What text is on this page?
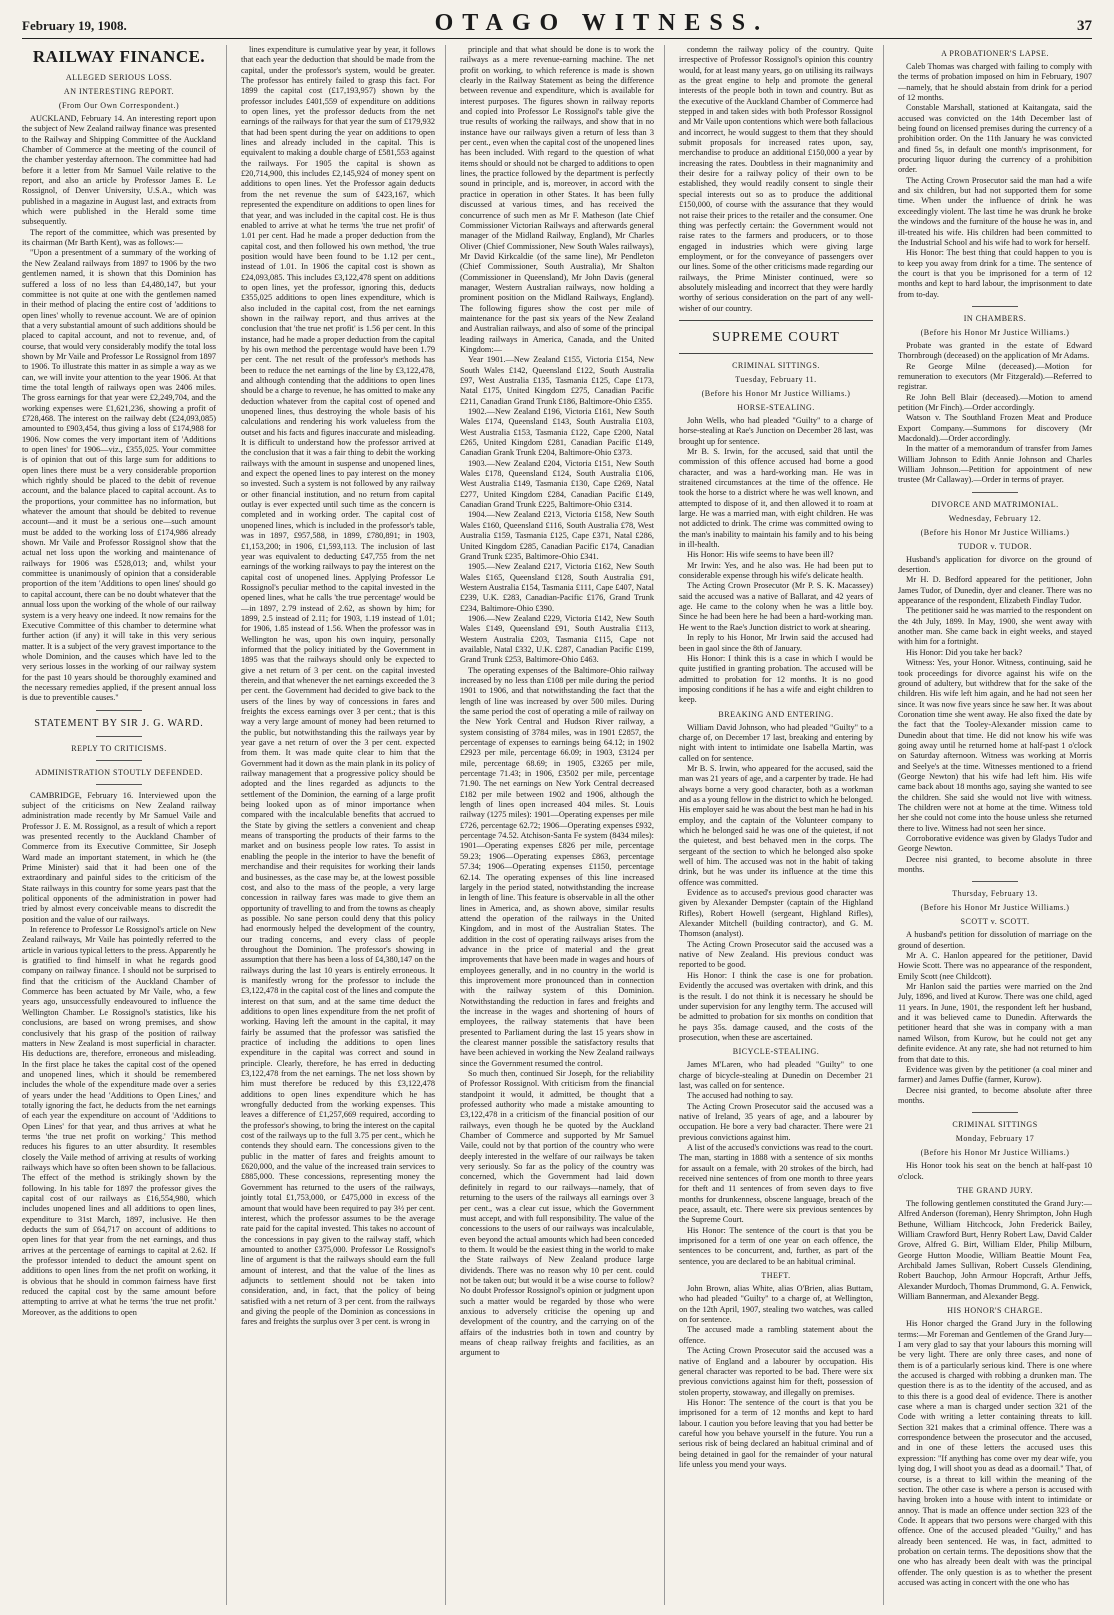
February 19, 1908.	OTAGO WITNESS.	37
RAILWAY FINANCE.
ALLEGED SERIOUS LOSS.
AN INTERESTING REPORT.
(From Our Own Correspondent.)

AUCKLAND, February 14. An interesting report upon the subject of New Zealand railway finance was presented to the Railway and Shipping Committee of the Auckland Chamber of Commerce at the meeting of the council of the chamber yesterday afternoon. The committee had had before it a letter from Mr Samuel Vaile relative to the report, and also an article by Professor James E. Le Rossignol, of Denver University, U.S.A., which was published in a magazine in August last, and extracts from which were published in the Herald some time subsequently.

The report of the committee, which was presented by its chairman (Mr Barth Kent), was as follows:—

"Upon a presentment of a summary of the working of the New Zealand railways from 1897 to 1906 by the two gentlemen named, it is shown that this Dominion has suffered a loss of no less than £4,480,147, but your committee is not quite at one with the gentlemen named in their method of placing the entire cost of 'additions to open lines' wholly to revenue account. We are of opinion that a very substantial amount of such additions should be placed to capital account, and not to revenue, and, of course, that would very considerably modify the total loss shown by Mr Vaile and Professor Le Rossignol from 1897 to 1906. To illustrate this matter in as simple a way as we can, we will invite your attention to the year 1906. At that time the total length of railways open was 2406 miles. The gross earnings for that year were £2,249,704, and the working expenses were £1,621,236, showing a profit of £728,468. The interest on the railway debt (£24,093,085) amounted to £903,454, thus giving a loss of £174,988 for 1906. Now comes the very important item of 'Additions to open lines' for 1906—viz., £355,025. Your committee is of opinion that out of this large sum for additions to open lines there must be a very considerable proportion which rightly should be placed to the debit of revenue account, and the balance placed to capital account. As to the proportions, your committee has no information, but whatever the amount that should be debited to revenue account—and it must be a serious one—such amount must be added to the working loss of £174,986 already shown. Mr Vaile and Professor Rossignol show that the actual net loss upon the working and maintenance of railways for 1906 was £528,013; and, whilst your committee is unanimously of opinion that a considerable proportion of the item 'Additions to open lines' should go to capital account, there can be no doubt whatever that the annual loss upon the working of the whole of our railway system is a very heavy one indeed. It now remains for the Executive Committee of this chamber to determine what further action (if any) it will take in this very serious matter. It is a subject of the very gravest importance to the whole Dominion, and the causes which have led to the very serious losses in the working of our railway system for the past 10 years should be thoroughly examined and the necessary remedies applied, if the present annual loss is due to preventible causes."

STATEMENT BY SIR J. G. WARD.
REPLY TO CRITICISMS.
ADMINISTRATION STOUTLY DEFENDED.

CAMBRIDGE, February 16. Interviewed upon the subject of the criticisms on New Zealand railway administration made recently by Mr Samuel Vaile and Professor J. E. M. Rossignol, as a result of which a report was presented recently to the Auckland Chamber of Commerce from its Executive Committee, Sir Joseph Ward made an important statement, in which he (the Prime Minister) said that it had been one of the extraordinary and painful sides to the criticism of the State railways in this country for some years past that the political opponents of the administration in power had tried by almost every conceivable means to discredit the position and the value of our railways.

In reference to Professor Le Rossignol's article on New Zealand railways, Mr Vaile has pointedly referred to the article in various typical letters to the press. Apparently he is gratified to find himself in what he regards good company on railway finance. I should not be surprised to find that the criticism of the Auckland Chamber of Commerce has been actuated by Mr Vaile, who, a few years ago, unsuccessfully endeavoured to influence the Wellington Chamber. Le Rossignol's statistics, like his conclusions, are based on wrong premises, and show conclusively that his grasp of the position of railway matters in New Zealand is most superficial in character. His deductions are, therefore, erroneous and misleading. In the first place he takes the capital cost of the opened and unopened lines, which it should be remembered includes the whole of the expenditure made over a series of years under the head 'Additions to Open Lines,' and totally ignoring the fact, he deducts from the net earnings of each year the expenditure on account of 'Additions to Open Lines' for that year, and thus arrives at what he terms 'the true net profit on working.' This method reduces his figures to an utter absurdity. It resembles closely the Vaile method of arriving at results of working railways which have so often been shown to be fallacious. The effect of the method is strikingly shown by the following. In his table for 1897 the professor gives the capital cost of our railways as £16,554,980, which includes unopened lines and all additions to open lines, expenditure to 31st March, 1897, inclusive. He then deducts the sum of £64,717 on account of additions to open lines for that year from the net earnings, and thus arrives at the percentage of earnings to capital at 2.62. If the professor intended to deduct the amount spent on additions to open lines from the net profit on working, it is obvious that he should in common fairness have first reduced the capital cost by the same amount before attempting to arrive at what he terms 'the true net profit.' Moreover, as the additions to open

lines expenditure is cumulative year by year, it follows that each year the deduction that should be made from the capital, under the professor's system, would be greater. The professor has entirely failed to grasp this fact. For 1899 the capital cost (£17,193,957) shown by the professor includes £401,559 of expenditure on additions to open lines, yet the professor deducts from the net earnings of the railways for that year the sum of £179,932 that had been spent during the year on additions to open lines and already included in the capital. This is equivalent to making a double charge of £581,553 against the railways. For 1905 the capital is shown as £20,714,900, this includes £2,145,924 of money spent on additions to open lines. Yet the Professor again deducts from the net revenue the sum of £423,167, which represented the expenditure on additions to open lines for that year, and was included in the capital cost. He is thus enabled to arrive at what he terms 'the true net profit' of 1.01 per cent. Had he made a proper deduction from the capital cost, and then followed his own method, 'the true position would have been found to be 1.12 per cent., instead of 1.01. In 1906 the capital cost is shown as £24,093,085. This includes £3,122,478 spent on additions to open lines, yet the professor, ignoring this, deducts £355,025 additions to open lines expenditure, which is also included in the capital cost, from the net earnings shown in the railway report, and thus arrives at the conclusion that 'the true net profit' is 1.56 per cent. In this instance, had he made a proper deduction from the capital by his own method the percentage would have been 1.79 per cent. The net result of the professor's methods has been to reduce the net earnings of the line by £3,122,478, and although contending that the additions to open lines should be a charge to revenue, he has omitted to make any deduction whatever from the capital cost of opened and unopened lines, thus destroying the whole basis of his calculations and rendering his work valueless from the outset and his facts and figures inaccurate and misleading. It is difficult to understand how the professor arrived at the conclusion that it was a fair thing to debit the working railways with the amount in suspense and unopened lines, and expect the opened lines to pay interest on the money so invested. Such a system is not followed by any railway or other financial institution, and no return from capital outlay is ever expected until such time as the concern is completed and in working order. The capital cost of unopened lines, which is included in the professor's table, was in 1897, £957,588, in 1899, £780,891; in 1903, £1,153,200; in 1906, £1,593,113. The inclusion of last year was equivalent to deducting £47,755 from the net earnings of the working railways to pay the interest on the capital cost of unopened lines. Applying Professor Le Rossignol's peculiar method to the capital invested in the opened lines, what he calls 'the true percentage' would be—in 1897, 2.79 instead of 2.62, as shown by him; for 1899, 2.5 instead of 2.11; for 1903, 1.19 instead of 1.01; for 1906, 1.85 instead of 1.56. When the professor was in Wellington he was, upon his own inquiry, personally informed that the policy initiated by the Government in 1895 was that the railways should only be expected to give a net return of 3 per cent. on the capital invested therein, and that whenever the net earnings exceeded the 3 per cent. the Government had decided to give back to the users of the lines by way of concessions in fares and freights the excess earnings over 3 per cent.; that is this way a very large amount of money had been returned to the public, but notwithstanding this the railways year by year gave a net return of over the 3 per cent. expected from them. It was made quite clear to him that the Government had it down as the main plank in its policy of railway management that a progressive policy should be adopted and the lines regarded as adjuncts to the settlement of the Dominion, the earning of a large profit being looked upon as of minor importance when compared with the incalculable benefits that accrued to the State by giving the settlers a convenient and cheap means of transporting the products of their farms to the market and on business people low rates. To assist in enabling the people in the interior to have the benefit of merchandise and their requisites for working their lands and businesses, as the case may be, at the lowest possible cost, and also to the mass of the people, a very large concession in railway fares was made to give them an opportunity of travelling to and from the towns as cheaply as possible. No sane person could deny that this policy had enormously helped the development of the country, our trading concerns, and every class of people throughout the Dominion. The professor's showing in assumption that there has been a loss of £4,380,147 on the railways during the last 10 years is entirely erroneous. It is manifestly wrong for the professor to include the £3,122,478 in the capital cost of the lines and compute the interest on that sum, and at the same time deduct the additions to open lines expenditure from the net profit of working. Having left the amount in the capital, it may fairly be assumed that the professor was satisfied the practice of including the additions to open lines expenditure in the capital was correct and sound in principle. Clearly, therefore, he has erred in deducting £3,122,478 from the net earnings. The net loss shown by him must therefore be reduced by this £3,122,478 additions to open lines expenditure which he has wrongfully deducted from the working expenses. This leaves a difference of £1,257,669 required, according to the professor's showing, to bring the interest on the capital cost of the railways up to the full 3.75 per cent., which he contends they should earn. The concessions given to the public in the matter of fares and freights amount to £620,000, and the value of the increased train services to £885,000. These concessions, representing money the Government has returned to the users of the railways, jointly total £1,753,000, or £475,000 in excess of the amount that would have been required to pay 3½ per cent. interest, which the professor assumes to be the average rate paid for the capital invested. This takes no account of the concessions in pay given to the railway staff, which amounted to another £375,000. Professor Le Rossignol's line of argument is that the railways should earn the full amount of interest, and that the value of the lines as adjuncts to settlement should not be taken into consideration, and, in fact, that the policy of being satisfied with a net return of 3 per cent. from the railways and giving the people of the Dominion as concessions in fares and freights the surplus over 3 per cent. is wrong in

principle and that what should be done is to work the railways as a mere revenue-earning machine. The net profit on working, to which reference is made is shown clearly in the Railway Statement as being the difference between revenue and expenditure, which is available for interest purposes. The figures shown in railway reports and copied into Professor Le Rossignol's table give the true results of working the railways, and show that in no instance have our railways given a return of less than 3 per cent., even when the capital cost of the unopened lines has been included. With regard to the question of what items should or should not be charged to additions to open lines, the practice followed by the department is perfectly sound in principle, and is, moreover, in accord with the practice in operation in other States. It has been fully discussed at various times, and has received the concurrence of such men as Mr F. Matheson (late Chief Commissioner Victorian Railways and afterwards general manager of the Midland Railway, England), Mr Charles Oliver (Chief Commissioner, New South Wales railways), Mr David Kirkcaldie (of the same line), Mr Pendleton (Chief Commissioner, South Australia), Mr Shalton (Commissioner in Queensland), Mr John Davis (general manager, Western Australian railways, now holding a prominent position on the Midland Railways, England). The following figures show the cost per mile of maintenance for the past six years of the New Zealand and Australian railways, and also of some of the principal leading railways in America, Canada, and the United Kingdom:—

Year 1901.—New Zealand £155, Victoria £154, New South Wales £142, Queensland £122, South Australia £97, West Australia £135, Tasmania £125, Cape £173, Natal £175, United Kingdom £275, Canadian Pacific £211, Canadian Grand Trunk £186, Baltimore-Ohio £355.

1902.—New Zealand £196, Victoria £161, New South Wales £174, Queensland £143, South Australia £103, West Australia £153, Tasmania £122, Cape £200, Natal £265, United Kingdom £281, Canadian Pacific £149, Canadian Grank Trunk £204, Baltimore-Ohio £373.

1903.—New Zealand £204, Victoria £151, New South Wales £178, Queensland £124, South Australia £106, West Australia £149, Tasmania £130, Cape £269, Natal £277, United Kingdom £284, Canadian Pacific £149, Canadian Grand Trunk £225, Baltimore-Ohio £314.

1904.—New Zealand £213, Victoria £158, New South Wales £160, Queensland £116, South Australia £78, West Australia £159, Tasmania £125, Cape £371, Natal £286, United Kingdom £285, Canadian Pacific £174, Canadian Grand Trunk £235, Baltimore-Ohio £341.

1905.—New Zealand £217, Victoria £162, New South Wales £165, Queensland £128, South Australia £91, Western Australia £154, Tasmania £111, Cape £407, Natal £239, U.K. £283, Canadian-Pacific £176, Grand Trunk £234, Baltimore-Ohio £390.

1906.—New Zealand £229, Victoria £142, New South Wales £149, Queensland £91, South Australia £113, Western Australia £203, Tasmania £115, Cape not available, Natal £332, U.K. £287, Canadian Pacific £199, Grand Trunk £253, Baltimore-Ohio £463.

The operating expenses of the Baltimore-Ohio railway increased by no less than £108 per mile during the period 1901 to 1906, and that notwithstanding the fact that the length of line was increased by over 500 miles. During the same period the cost of operating a mile of railway on the New York Central and Hudson River railway, a system consisting of 3784 miles, was in 1901 £2857, the percentage of expenses to earnings being 64.12; in 1902 £2923 per mile, percentage 66.09; in 1903, £3124 per mile, percentage 68.69; in 1905, £3265 per mile, percentage 71.43; in 1906, £3502 per mile, percentage 71.90. The net earnings on New York Central decreased £182 per mile between 1902 and 1906, although the length of lines open increased 404 miles. St. Louis railway (1275 miles): 1901—Operating expenses per mile £726, percentage 62.72; 1906—Operating expenses £932, percentage 74.52. Atchison-Santa Fe system (8434 miles): 1901—Operating expenses £826 per mile, percentage 59.23; 1906—Operating expenses £863, percentage 57.34; 1906—Operating expenses £1150, percentage 62.14. The operating expenses of this line increased largely in the period stated, notwithstanding the increase in length of line. This feature is observable in all the other lines in America, and, as shown above, similar results attend the operation of the railways in the United Kingdom, and in most of the Australian States. The addition in the cost of operating railways arises from the advance in the price of material and the great improvements that have been made in wages and hours of employees generally, and in no country in the world is this improvement more pronounced than in connection with the railway system of this Dominion. Notwithstanding the reduction in fares and freights and the increase in the wages and shortening of hours of employees, the railway statements that have been presented to Parliament during the last 15 years show in the clearest manner possible the satisfactory results that have been achieved in working the New Zealand railways since the Government resumed the control.

So much then, continued Sir Joseph, for the reliability of Professor Rossignol. With criticism from the financial standpoint it would, it admitted, be thought that a professed authority who made a mistake amounting to £3,122,478 in a criticism of the financial position of our railways, even though he be quoted by the Auckland Chamber of Commerce and supported by Mr Samuel Vaile, could not by that portion of the country who were deeply interested in the welfare of our railways be taken very seriously. So far as the policy of the country was concerned, which the Government had laid down definitely in regard to our railways—namely, that of returning to the users of the railways all earnings over 3 per cent., was a clear cut issue, which the Government must accept, and with full responsibility. The value of the concessions to the users of our railways was incalculable, even beyond the actual amounts which had been conceded to them. It would be the easiest thing in the world to make the State railways of New Zealand produce large dividends. There was no reason why 10 per cent. could not be taken out; but would it be a wise course to follow? No doubt Professor Rossignol's opinion or judgment upon such a matter would be regarded by those who were anxious to adversely criticise the opening up and development of the country, and the carrying on of the affairs of the industries both in town and country by means of cheap railway freights and facilities, as an argument to

condemn the railway policy of the country. Quite irrespective of Professor Rossignol's opinion this country would, for at least many years, go on utilising its railways as the great engine to help and promote the general interests of the people both in town and country. But as the executive of the Auckland Chamber of Commerce had stepped in and taken sides with both Professor Rossignol and Mr Vaile upon contentions which were both fallacious and incorrect, he would suggest to them that they should submit proposals for increased rates upon, say, merchandise to produce an additional £150,000 a year by increasing the rates. Doubtless in their magnanimity and their desire for a railway policy of their own to be established, they would readily consent to single their special interests out so as to produce the additional £150,000, of course with the assurance that they would not raise their prices to the retailer and the consumer. One thing was perfectly certain: the Government would not raise rates to the farmers and producers, or to those engaged in industries which were giving large employment, or for the conveyance of passengers over our lines. Some of the other criticisms made regarding our railways, the Prime Minister continued, were so absolutely misleading and incorrect that they were hardly worthy of serious consideration on the part of any well-wisher of our country.

SUPREME COURT
CRIMINAL SITTINGS.
Tuesday, February 11.
(Before his Honor Mr Justice Williams.)
HORSE-STEALING.

John Wells, who had pleaded "Guilty" to a charge of horse-stealing at Rae's Junction on December 28 last, was brought up for sentence.

Mr B. S. Irwin, for the accused, said that until the commission of this offence accused had borne a good character, and was a hard-working man. He was in straitened circumstances at the time of the offence. He took the horse to a district where he was well known, and attempted to dispose of it, and then allowed it to roam at large. He was a married man, with eight children. He was not addicted to drink. The crime was committed owing to the man's inability to maintain his family and to his being in ill-health.

His Honor: His wife seems to have been ill?

Mr Irwin: Yes, and he also was. He had been put to considerable expense through his wife's delicate health.

The Acting Crown Prosecutor (Mr P. S. K. Macassey) said the accused was a native of Ballarat, and 42 years of age. He came to the colony when he was a little boy. Since he had been here he had been a hard-working man. He went to the Rae's Junction district to work at shearing.

In reply to his Honor, Mr Irwin said the accused had been in gaol since the 8th of January.

His Honor: I think this is a case in which I would be quite justified in granting probation. The accused will be admitted to probation for 12 months. It is no good imposing conditions if he has a wife and eight children to keep.

BREAKING AND ENTERING.

William David Johnson, who had pleaded "Guilty" to a charge of, on December 17 last, breaking and entering by night with intent to intimidate one Isabella Martin, was called on for sentence.

Mr B. S. Irwin, who appeared for the accused, said the man was 21 years of age, and a carpenter by trade. He had always borne a very good character, both as a workman and as a young fellow in the district to which he belonged. His employer said he was about the best man he had in his employ, and the captain of the Volunteer company to which he belonged said he was one of the quietest, if not the quietest, and best behaved men in the corps. The sergeant of the section to which he belonged also spoke well of him. The accused was not in the habit of taking drink, but he was under its influence at the time this offence was committed.

Evidence as to accused's previous good character was given by Alexander Dempster (captain of the Highland Rifles), Robert Howell (sergeant, Highland Rifles), Alexander Mitchell (building contractor), and G. M. Thomson (analyst).

The Acting Crown Prosecutor said the accused was a native of New Zealand. His previous conduct was reported to be good.

His Honor: I think the case is one for probation. Evidently the accused was overtaken with drink, and this is the result. I do not think it is necessary he should be under supervision for any lengthy term. The accused will be admitted to probation for six months on condition that he pays 35s. damage caused, and the costs of the prosecution, when these are ascertained.

BICYCLE-STEALING.

James M'Laren, who had pleaded "Guilty" to one charge of bicycle-stealing at Dunedin on December 21 last, was called on for sentence.

The accused had nothing to say.

The Acting Crown Prosecutor said the accused was a native of Ireland, 35 years of age, and a labourer by occupation. He bore a very bad character. There were 21 previous convictions against him.

A list of the accused's convictions was read to the court. The man, starting in 1888 with a sentence of six months for assault on a female, with 20 strokes of the birch, had received nine sentences of from one month to three years for theft and 11 sentences of from seven days to five months for drunkenness, obscene language, breach of the peace, assault, etc. There were six previous sentences by the Supreme Court.

His Honor: The sentence of the court is that you be imprisoned for a term of one year on each offence, the sentences to be concurrent, and, further, as part of the sentence, you are declared to be an habitual criminal.

THEFT.

John Brown, alias White, alias O'Brien, alias Buttam, who had pleaded "Guilty" to a charge of, at Wellington, on the 12th April, 1907, stealing two watches, was called on for sentence.

The accused made a rambling statement about the offence.

The Acting Crown Prosecutor said the accused was a native of England and a labourer by occupation. His general character was reported to be bad. There were six previous convictions against him for theft, possession of stolen property, stowaway, and illegally on premises.

His Honor: The sentence of the court is that you be imprisoned for a term of 12 months and kept to hard labour. I caution you before leaving that you had better be careful how you behave yourself in the future. You run a serious risk of being declared an habitual criminal and of being detained in gaol for the remainder of your natural life unless you mend your ways.

A PROBATIONER'S LAPSE.

Caleb Thomas was charged with failing to comply with the terms of probation imposed on him in February, 1907—namely, that he should abstain from drink for a period of 12 months.

Constable Marshall, stationed at Kaitangata, said the accused was convicted on the 14th December last of being found on licensed premises during the currency of a prohibition order. On the 11th January he was convicted and fined 5s, in default one month's imprisonment, for procuring liquor during the currency of a prohibition order.

The Acting Crown Prosecutor said the man had a wife and six children, but had not supported them for some time. When under the influence of drink he was exceedingly violent. The last time he was drunk he broke the windows and the furniture of the house he was in, and ill-treated his wife. His children had been committed to the Industrial School and his wife had to work for herself.

His Honor: The best thing that could happen to you is to keep you away from drink for a time. The sentence of the court is that you be imprisoned for a term of 12 months and kept to hard labour, the imprisonment to date from to-day.

IN CHAMBERS.
(Before his Honor Mr Justice Williams.)

Probate was granted in the estate of Edward Thornbrough (deceased) on the application of Mr Adams.

Re George Milne (deceased).—Motion for remuneration to executors (Mr Fitzgerald).—Referred to registrar.

Re John Bell Blair (deceased).—Motion to amend petition (Mr Finch).—Order accordingly.

Watson v. The Southland Frozen Meat and Produce Export Company.—Summons for discovery (Mr Macdonald).—Order accordingly.

In the matter of a memorandum of transfer from James William Johnson to Edith Annie Johnson and Charles William Johnson.—Petition for appointment of new trustee (Mr Callaway).—Order in terms of prayer.

DIVORCE AND MATRIMONIAL.
Wednesday, February 12.
(Before his Honor Mr Justice Williams.)
TUDOR v. TUDOR.

Husband's application for divorce on the ground of desertion.

Mr H. D. Bedford appeared for the petitioner, John James Tudor, of Dunedin, dyer and cleaner. There was no appearance of the respondent, Elizabeth Findlay Tudor.

The petitioner said he was married to the respondent on the 4th July, 1899. In May, 1900, she went away with another man. She came back in eight weeks, and stayed with him for a fortnight.

His Honor: Did you take her back?

Witness: Yes, your Honor. Witness, continuing, said he took proceedings for divorce against his wife on the ground of adultery, but withdrew that for the sake of the children. His wife left him again, and he had not seen her since. It was now five years since he saw her. It was about Coronation time she went away. He also fixed the date by the fact that the Tooley-Alexander mission came to Dunedin about that time. He did not know his wife was going away until he returned home at half-past 1 o'clock on Saturday afternoon. Witness was working at Morris and Seelye's at the time. Witnesses mentioned to a friend (George Newton) that his wife had left him. His wife came back about 18 months ago, saying she wanted to see the children. She said she would not live with witness. The children were not at home at the time. Witness told her she could not come into the house unless she returned there to live. Witness had not seen her since.

Corroborative evidence was given by Gladys Tudor and George Newton.

Decree nisi granted, to become absolute in three months.

Thursday, February 13.
(Before his Honor Mr Justice Williams.)
SCOTT v. SCOTT.

A husband's petition for dissolution of marriage on the ground of desertion.

Mr A. C. Hanlon appeared for the petitioner, David Howie Scott. There was no appearance of the respondent, Emily Scott (nee Childcott).

Mr Hanlon said the parties were married on the 2nd July, 1896, and lived at Kurow. There was one child, aged 11 years. In June, 1901, the respondent left her husband, and it was believed came to Dunedin. Afterwards the petitioner heard that she was in company with a man named Wilson, from Kurow, but he could not get any definite evidence. At any rate, she had not returned to him from that date to this.

Evidence was given by the petitioner (a coal miner and farmer) and James Duffie (farmer, Kurow).

Decree nisi granted, to become absolute after three months.

CRIMINAL SITTINGS
Monday, February 17
(Before his Honor Mr Justice Williams.)

His Honor took his seat on the bench at half-past 10 o'clock.

THE GRAND JURY.

The following gentlemen constituted the Grand Jury:—Alfred Anderson (foreman), Henry Shrimpton, John Hugh Bethune, William Hitchcock, John Frederick Bailey, William Crawford Burt, Henry Robert Law, David Calder Grove, Alfred G. Birt, William Elder, Philip Milburn, George Hutton Moodie, William Beattie Mount Fea, Archibald James Sullivan, Robert Cussels Glendining, Robert Bauchop, John Armour Hopcraft, Arthur Jeffs, Alexander Murdoch, Thomas Drummond, G. A. Fenwick, William Bannerman, and Alexander Begg.

HIS HONOR'S CHARGE.

His Honor charged the Grand Jury in the following terms:—Mr Foreman and Gentlemen of the Grand Jury—I am very glad to say that your labours this morning will be very light. There are only three cases, and none of them is of a particularly serious kind. There is one where the accused is charged with robbing a drunken man. The question there is as to the identity of the accused, and as to this there is a good deal of evidence. There is another case where a man is charged under section 321 of the Code with writing a letter containing threats to kill. Section 321 makes that a criminal offence. There was a correspondence between the prosecutor and the accused, and in one of these letters the accused uses this expression: "If anything has come over my dear wife, you lying dog, I will shoot you as dead as a doornail." That, of course, is a threat to kill within the meaning of the section. The other case is where a person is accused with having broken into a house with intent to intimidate or annoy. That is made an offence under section 323 of the Code. It appears that two persons were charged with this offence. One of the accused pleaded "Guilty," and has already been sentenced. He was, in fact, admitted to probation on certain terms. The depositions show that the one who has already been dealt with was the principal offender. The only question is as to whether the present accused was acting in concert with the one who has
